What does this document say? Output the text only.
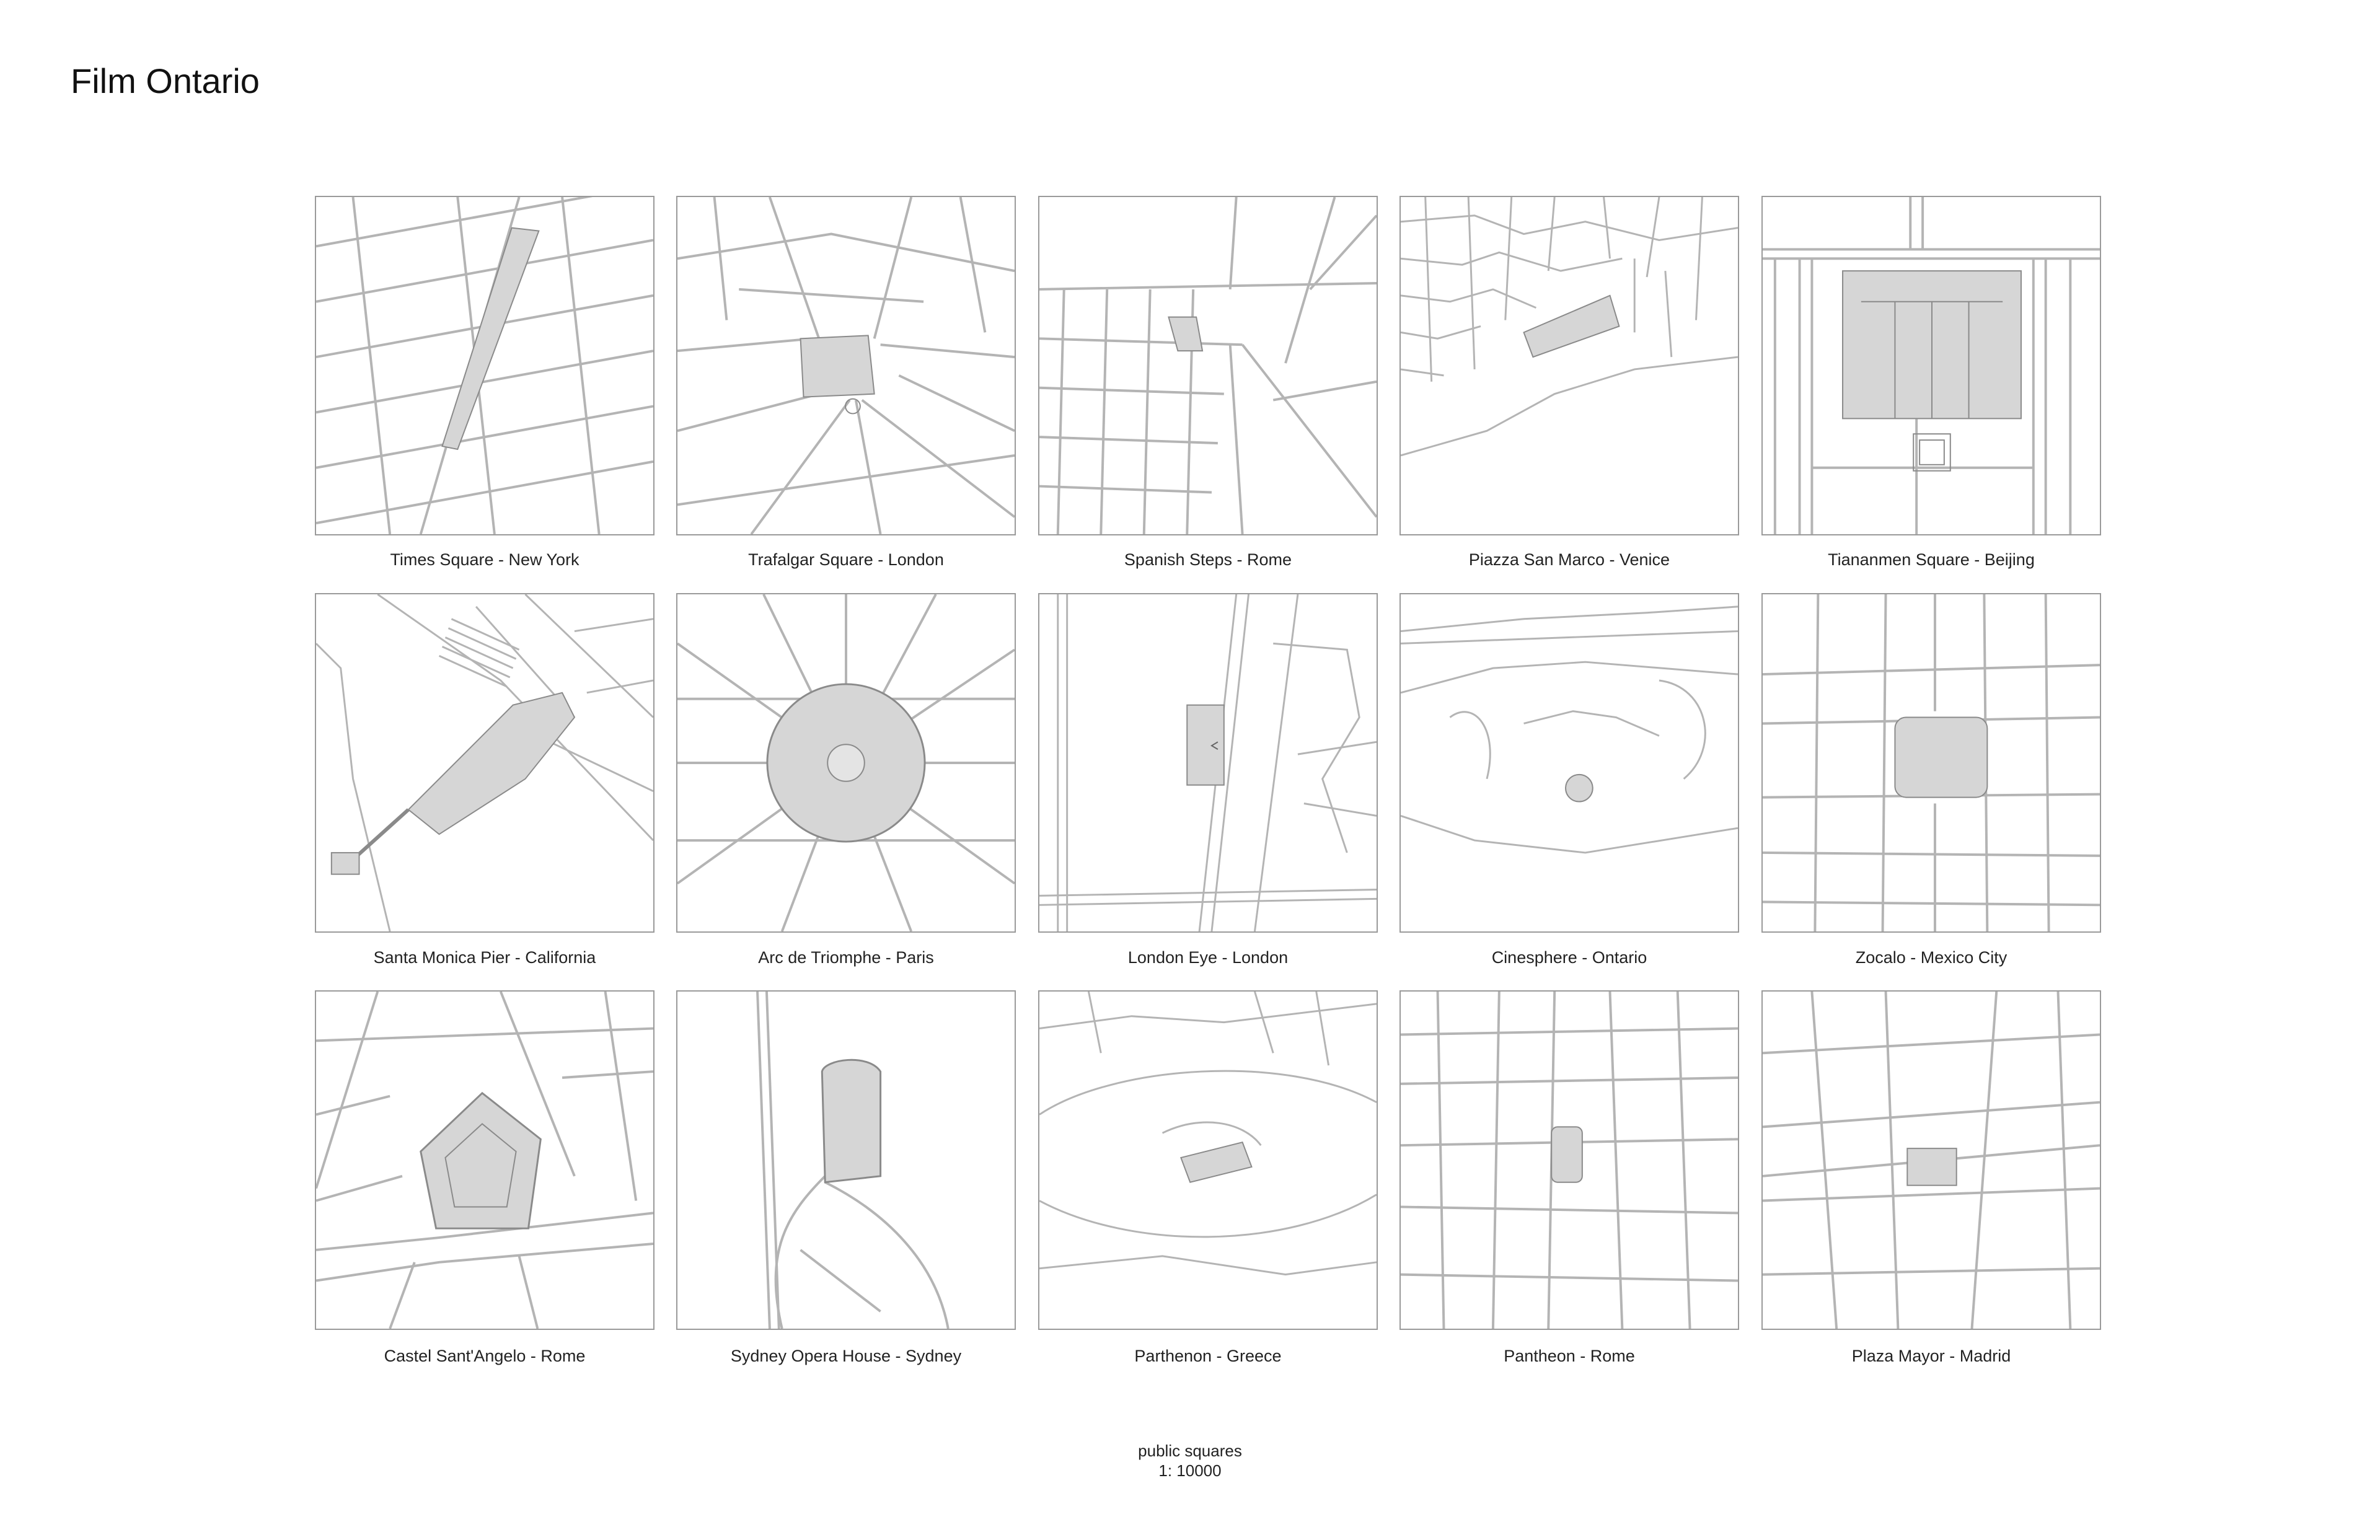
Film Ontario
Times Square - New York	Trafalgar Square - London	Spanish Steps - Rome	Piazza San Marco - Venice	Tiananmen Square - Beijing
Santa Monica Pier - California	Arc de Triomphe - Paris	London Eye - London	Cinesphere - Ontario	Zocalo - Mexico City
Castel Sant'Angelo - Rome	Sydney Opera House - Sydney	Parthenon - Greece	Pantheon - Rome	Plaza Mayor - Madrid
public squares
1: 10000
